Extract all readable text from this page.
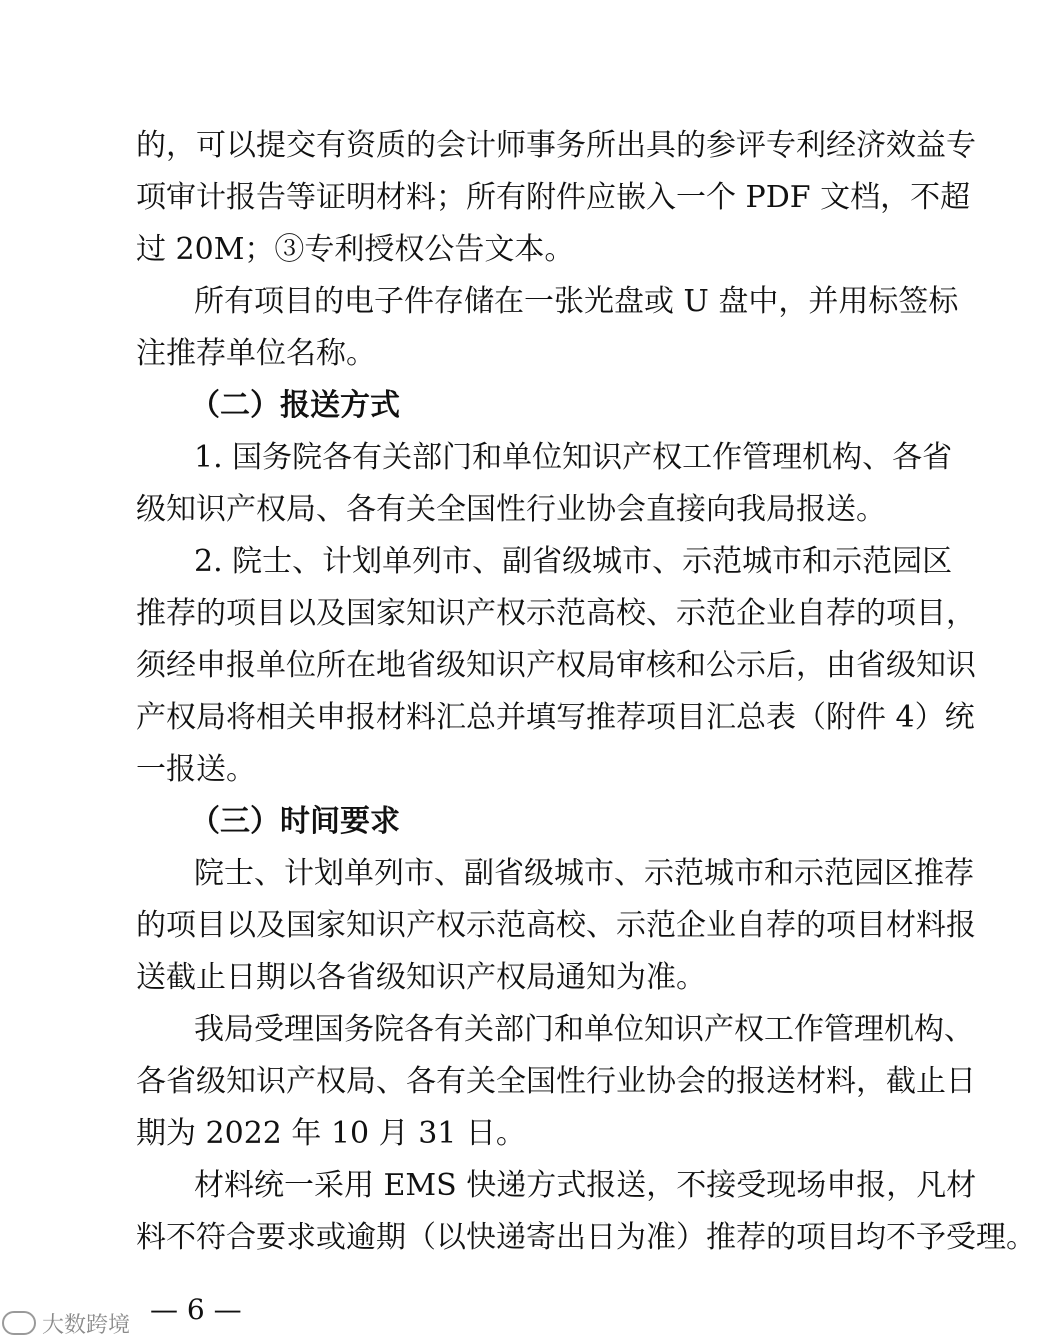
的，可以提交有资质的会计师事务所出具的参评专利经济效益专
项审计报告等证明材料；所有附件应嵌入一个 PDF 文档，不超
过 20M；③专利授权公告文本。
所有项目的电子件存储在一张光盘或 U 盘中，并用标签标
注推荐单位名称。
（二）报送方式
1. 国务院各有关部门和单位知识产权工作管理机构、各省
级知识产权局、各有关全国性行业协会直接向我局报送。
2. 院士、计划单列市、副省级城市、示范城市和示范园区
推荐的项目以及国家知识产权示范高校、示范企业自荐的项目，
须经申报单位所在地省级知识产权局审核和公示后，由省级知识
产权局将相关申报材料汇总并填写推荐项目汇总表（附件 4）统
一报送。
（三）时间要求
院士、计划单列市、副省级城市、示范城市和示范园区推荐
的项目以及国家知识产权示范高校、示范企业自荐的项目材料报
送截止日期以各省级知识产权局通知为准。
我局受理国务院各有关部门和单位知识产权工作管理机构、
各省级知识产权局、各有关全国性行业协会的报送材料，截止日
期为 2022 年 10 月 31 日。
材料统一采用 EMS 快递方式报送，不接受现场申报，凡材
料不符合要求或逾期（以快递寄出日为准）推荐的项目均不予受理。
— 6 —
大数跨境
